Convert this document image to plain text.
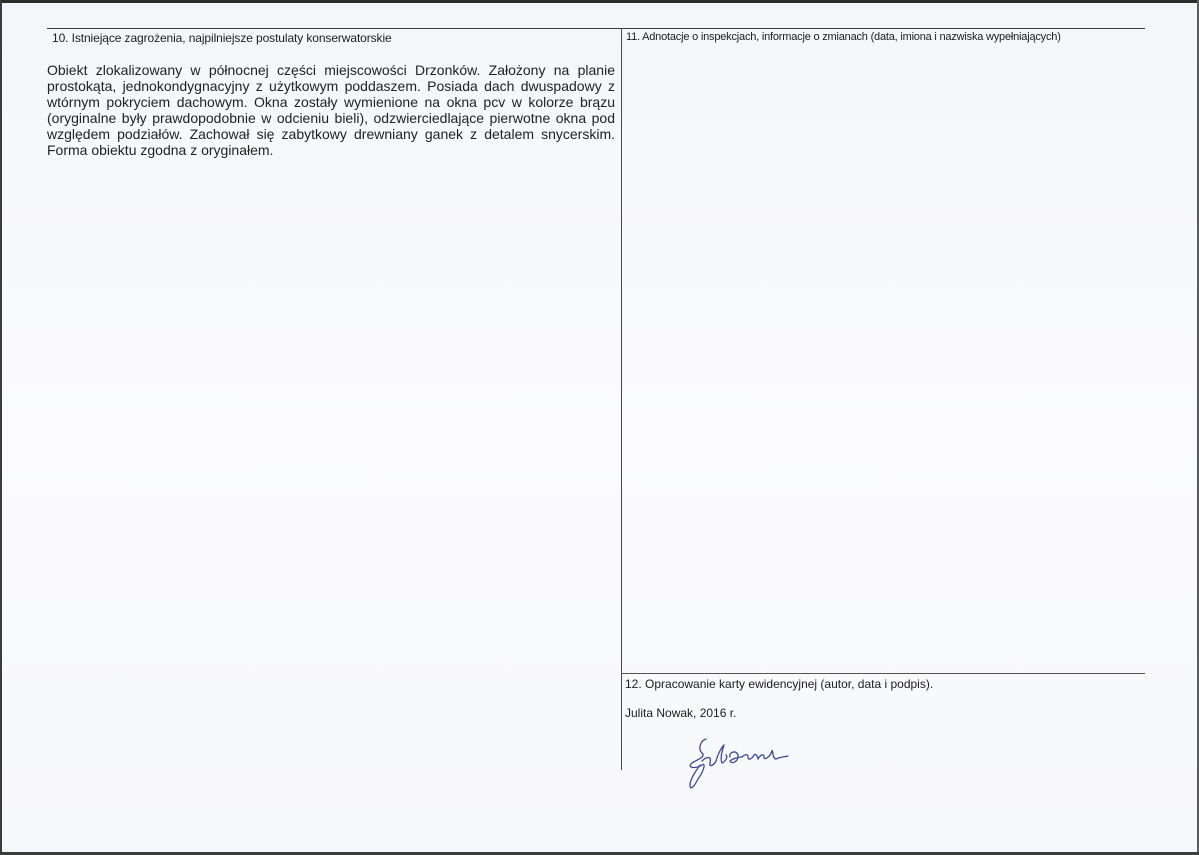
10. Istniejące zagrożenia, najpilniejsze postulaty konserwatorskie
Obiekt zlokalizowany w północnej części miejscowości Drzonków. Założony na planie prostokąta, jednokondygnacyjny z użytkowym poddaszem. Posiada dach dwuspadowy z wtórnym pokryciem dachowym. Okna zostały wymienione na okna pcv w kolorze brązu (oryginalne były prawdopodobnie w odcieniu bieli), odzwierciedlające pierwotne okna pod względem podziałów. Zachował się zabytkowy drewniany ganek z detalem snycerskim. Forma obiektu zgodna z oryginałem.
11. Adnotacje o inspekcjach, informacje o zmianach (data, imiona i nazwiska wypełniających)
12. Opracowanie karty ewidencyjnej (autor, data i podpis).
Julita Nowak, 2016 r.
